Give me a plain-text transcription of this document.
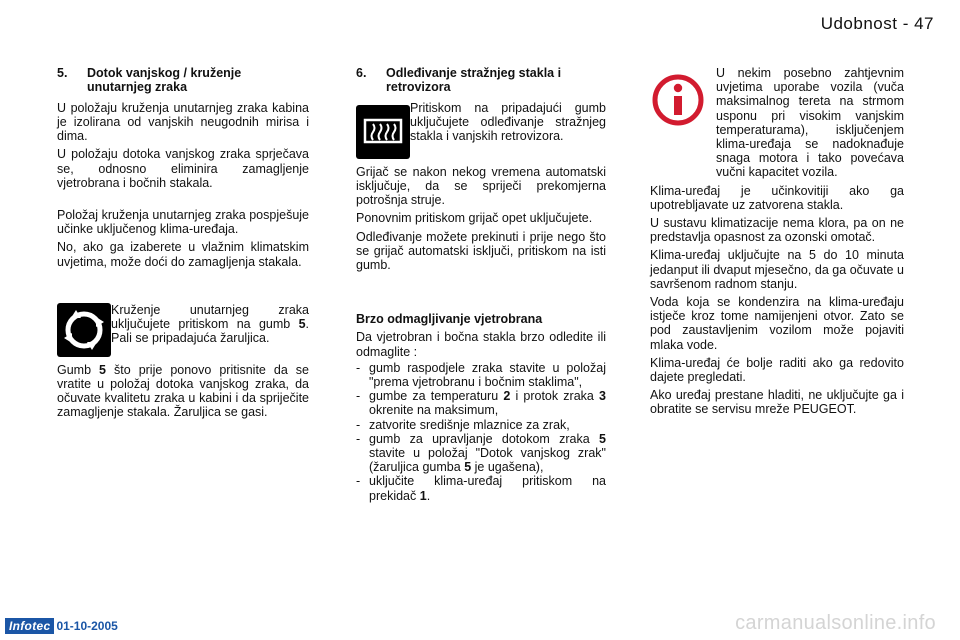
Udobnost - 47
5.	Dotok vanjskog / kruženje unutarnjeg zraka

U položaju kruženja unutarnjeg zraka kabina je izolirana od vanjskih neugodnih mirisa i dima.

U položaju dotoka vanjskog zraka sprječava se, odnosno eliminira zamagljenje vjetrobrana i bočnih stakala.

Položaj kruženja unutarnjeg zraka pospješuje učinke uključenog klima-uređaja.

No, ako ga izaberete u vlažnim klimatskim uvjetima, može doći do zamagljenja stakala.

Kruženje unutarnjeg zraka uključujete pritiskom na gumb 5. Pali se pripadajuća žaruljica.

Gumb 5 što prije ponovo pritisnite da se vratite u položaj dotoka vanjskog zraka, da očuvate kvalitetu zraka u kabini i da spriječite zamagljenje stakala. Žaruljica se gasi.

6.	Odleđivanje stražnjeg stakla i retrovizora

Pritiskom na pripadajući gumb uključujete odleđivanje stražnjeg stakla i vanjskih retrovizora.

Grijač se nakon nekog vremena automatski isključuje, da se spriječi prekomjerna potrošnja struje.

Ponovnim pritiskom grijač opet uključujete.

Odleđivanje možete prekinuti i prije nego što se grijač automatski isključi, pritiskom na isti gumb.

Brzo odmagljivanje vjetrobrana

Da vjetrobran i bočna stakla brzo odledite ili odmaglite :

- gumb raspodjele zraka stavite u položaj "prema vjetrobranu i bočnim staklima",
- gumbe za temperaturu 2 i protok zraka 3 okrenite na maksimum,
- zatvorite središnje mlaznice za zrak,
- gumb za upravljanje dotokom zraka 5 stavite u položaj "Dotok vanjskog zrak" (žaruljica gumba 5 je ugašena),
- uključite klima-uređaj pritiskom na prekidač 1.

U nekim posebno zahtjevnim uvjetima uporabe vozila (vuča maksimalnog tereta na strmom usponu pri visokim vanjskim temperaturama), isključenjem klima-uređaja se nadoknađuje snaga motora i tako povećava vučni kapacitet vozila.

Klima-uređaj je učinkovitiji ako ga upotrebljavate uz zatvorena stakla.

U sustavu klimatizacije nema klora, pa on ne predstavlja opasnost za ozonski omotač.

Klima-uređaj uključujte na 5 do 10 minuta jedanput ili dvaput mjesečno, da ga očuvate u savršenom radnom stanju.

Voda koja se kondenzira na klima-uređaju istječe kroz tome namijenjeni otvor. Zato se pod zaustavljenim vozilom može pojaviti mlaka vode.

Klima-uređaj će bolje raditi ako ga redovito dajete pregledati.

Ako uređaj prestane hladiti, ne uključujte ga i obratite se servisu mreže PEUGEOT.

Infotec 01-10-2005	carmanualsonline.info
